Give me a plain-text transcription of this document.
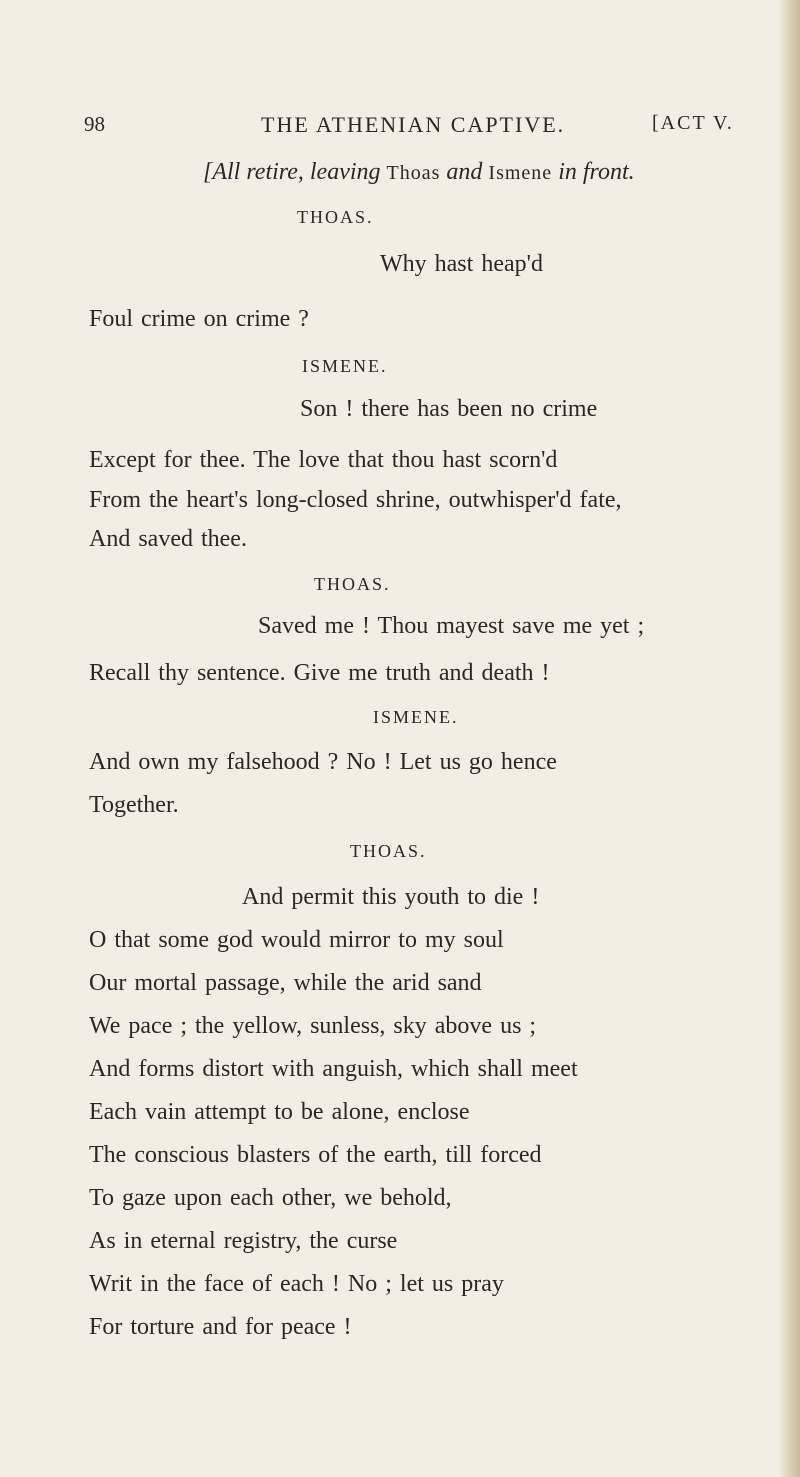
98	THE ATHENIAN CAPTIVE.	[ACT V.
[All retire, leaving Thoas and Ismene in front.
THOAS.
Why hast heap'd
Foul crime on crime ?
ISMENE.
Son ! there has been no crime
Except for thee. The love that thou hast scorn'd
From the heart's long-closed shrine, outwhisper'd fate,
And saved thee.
THOAS.
Saved me ! Thou mayest save me yet ;
Recall thy sentence. Give me truth and death !
ISMENE.
And own my falsehood ? No ! Let us go hence
Together.
THOAS.
And permit this youth to die !
O that some god would mirror to my soul
Our mortal passage, while the arid sand
We pace ; the yellow, sunless, sky above us ;
And forms distort with anguish, which shall meet
Each vain attempt to be alone, enclose
The conscious blasters of the earth, till forced
To gaze upon each other, we behold,
As in eternal registry, the curse
Writ in the face of each ! No ; let us pray
For torture and for peace !
